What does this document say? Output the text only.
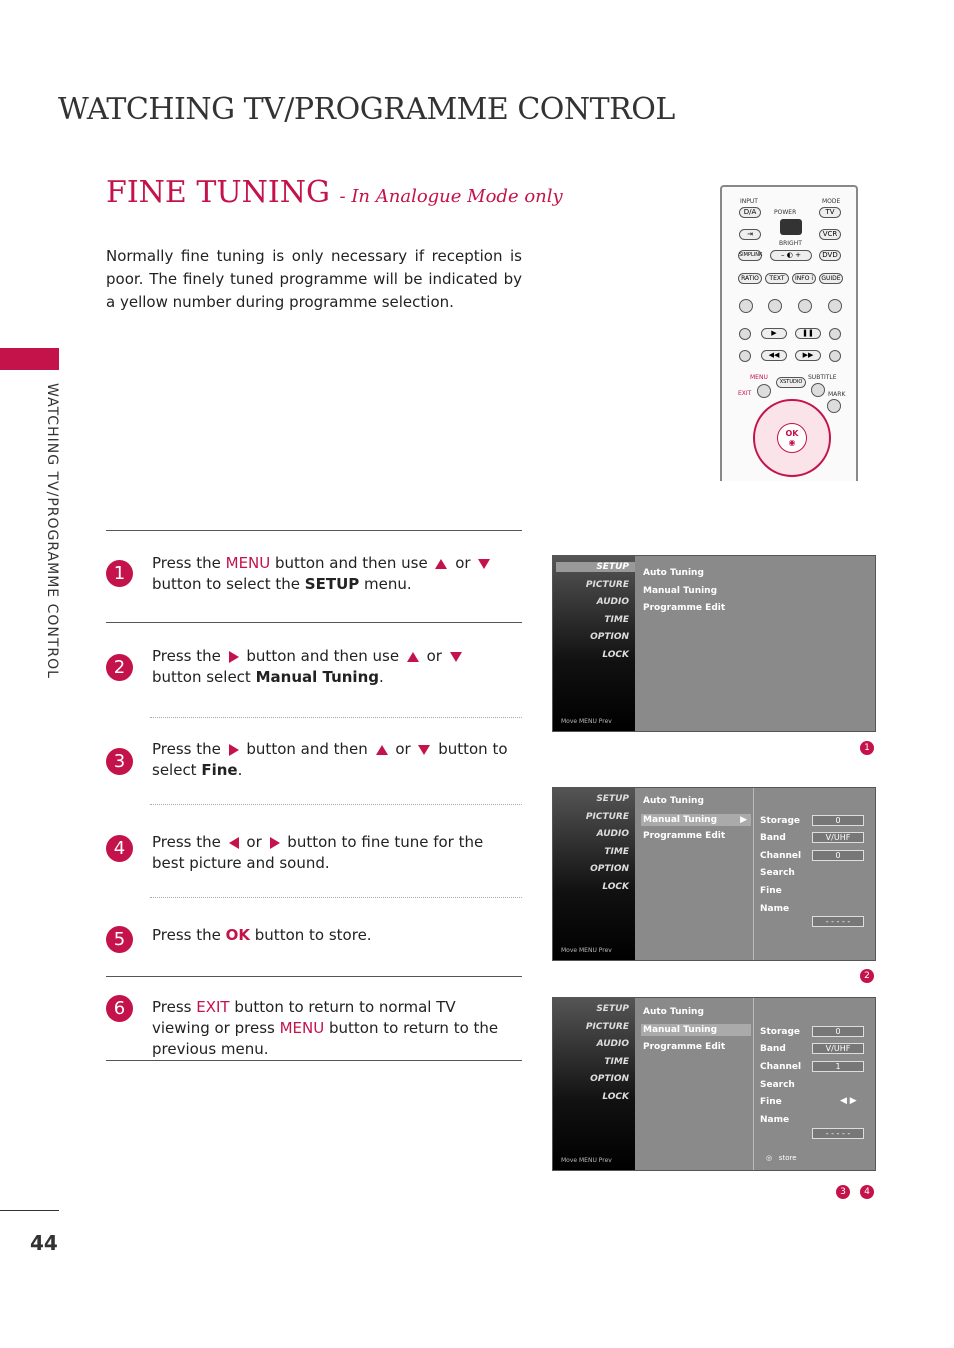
WATCHING TV/PROGRAMME CONTROL
FINE TUNING - In Analogue Mode only
WATCHING TV/PROGRAMME CONTROL
44
Normally fine tuning is only necessary if reception is poor. The finely tuned programme will be indicated by a yellow number during programme selection.
INPUT	MODE
D/A	POWER	TV
⇥	VCR
BRIGHT
SIMPLINK	– ◐ +	DVD
RATIO	TEXT	INFO i	GUIDE
▶	❚❚
◀◀	▶▶
MENU
XSTUDIO
SUBTITLE
EXIT	MARK
OK
◉
1	Press the MENU button and then use  or  button to select the SETUP menu.
2
Press the  button and then use  or  button select Manual Tuning.
3
Press the  button and then  or  button to select Fine.
4	Press the  or  button to fine tune for the best picture and sound.
5	Press the OK button to store.
6	Press EXIT button to return to normal TV viewing or press MENU button to return to the previous menu.
SETUP
PICTURE
AUDIO
TIME
OPTION
LOCK
Move MENU Prev
Auto Tuning
Manual Tuning
Programme Edit
1
SETUP
PICTURE
AUDIO
TIME
OPTION
LOCK
Move MENU Prev
Auto Tuning
Manual Tuning	▶
Programme Edit
Storage	0
Band	V/UHF
Channel	0
Search
Fine
Name
- - - - -
2
SETUP
PICTURE
AUDIO
TIME
OPTION
LOCK
Move MENU Prev
Auto Tuning
Manual Tuning
Programme Edit
Storage	0
Band	V/UHF
Channel	1
Search
Fine	◀ ▶
Name
- - - - -
◎   store
3	4
